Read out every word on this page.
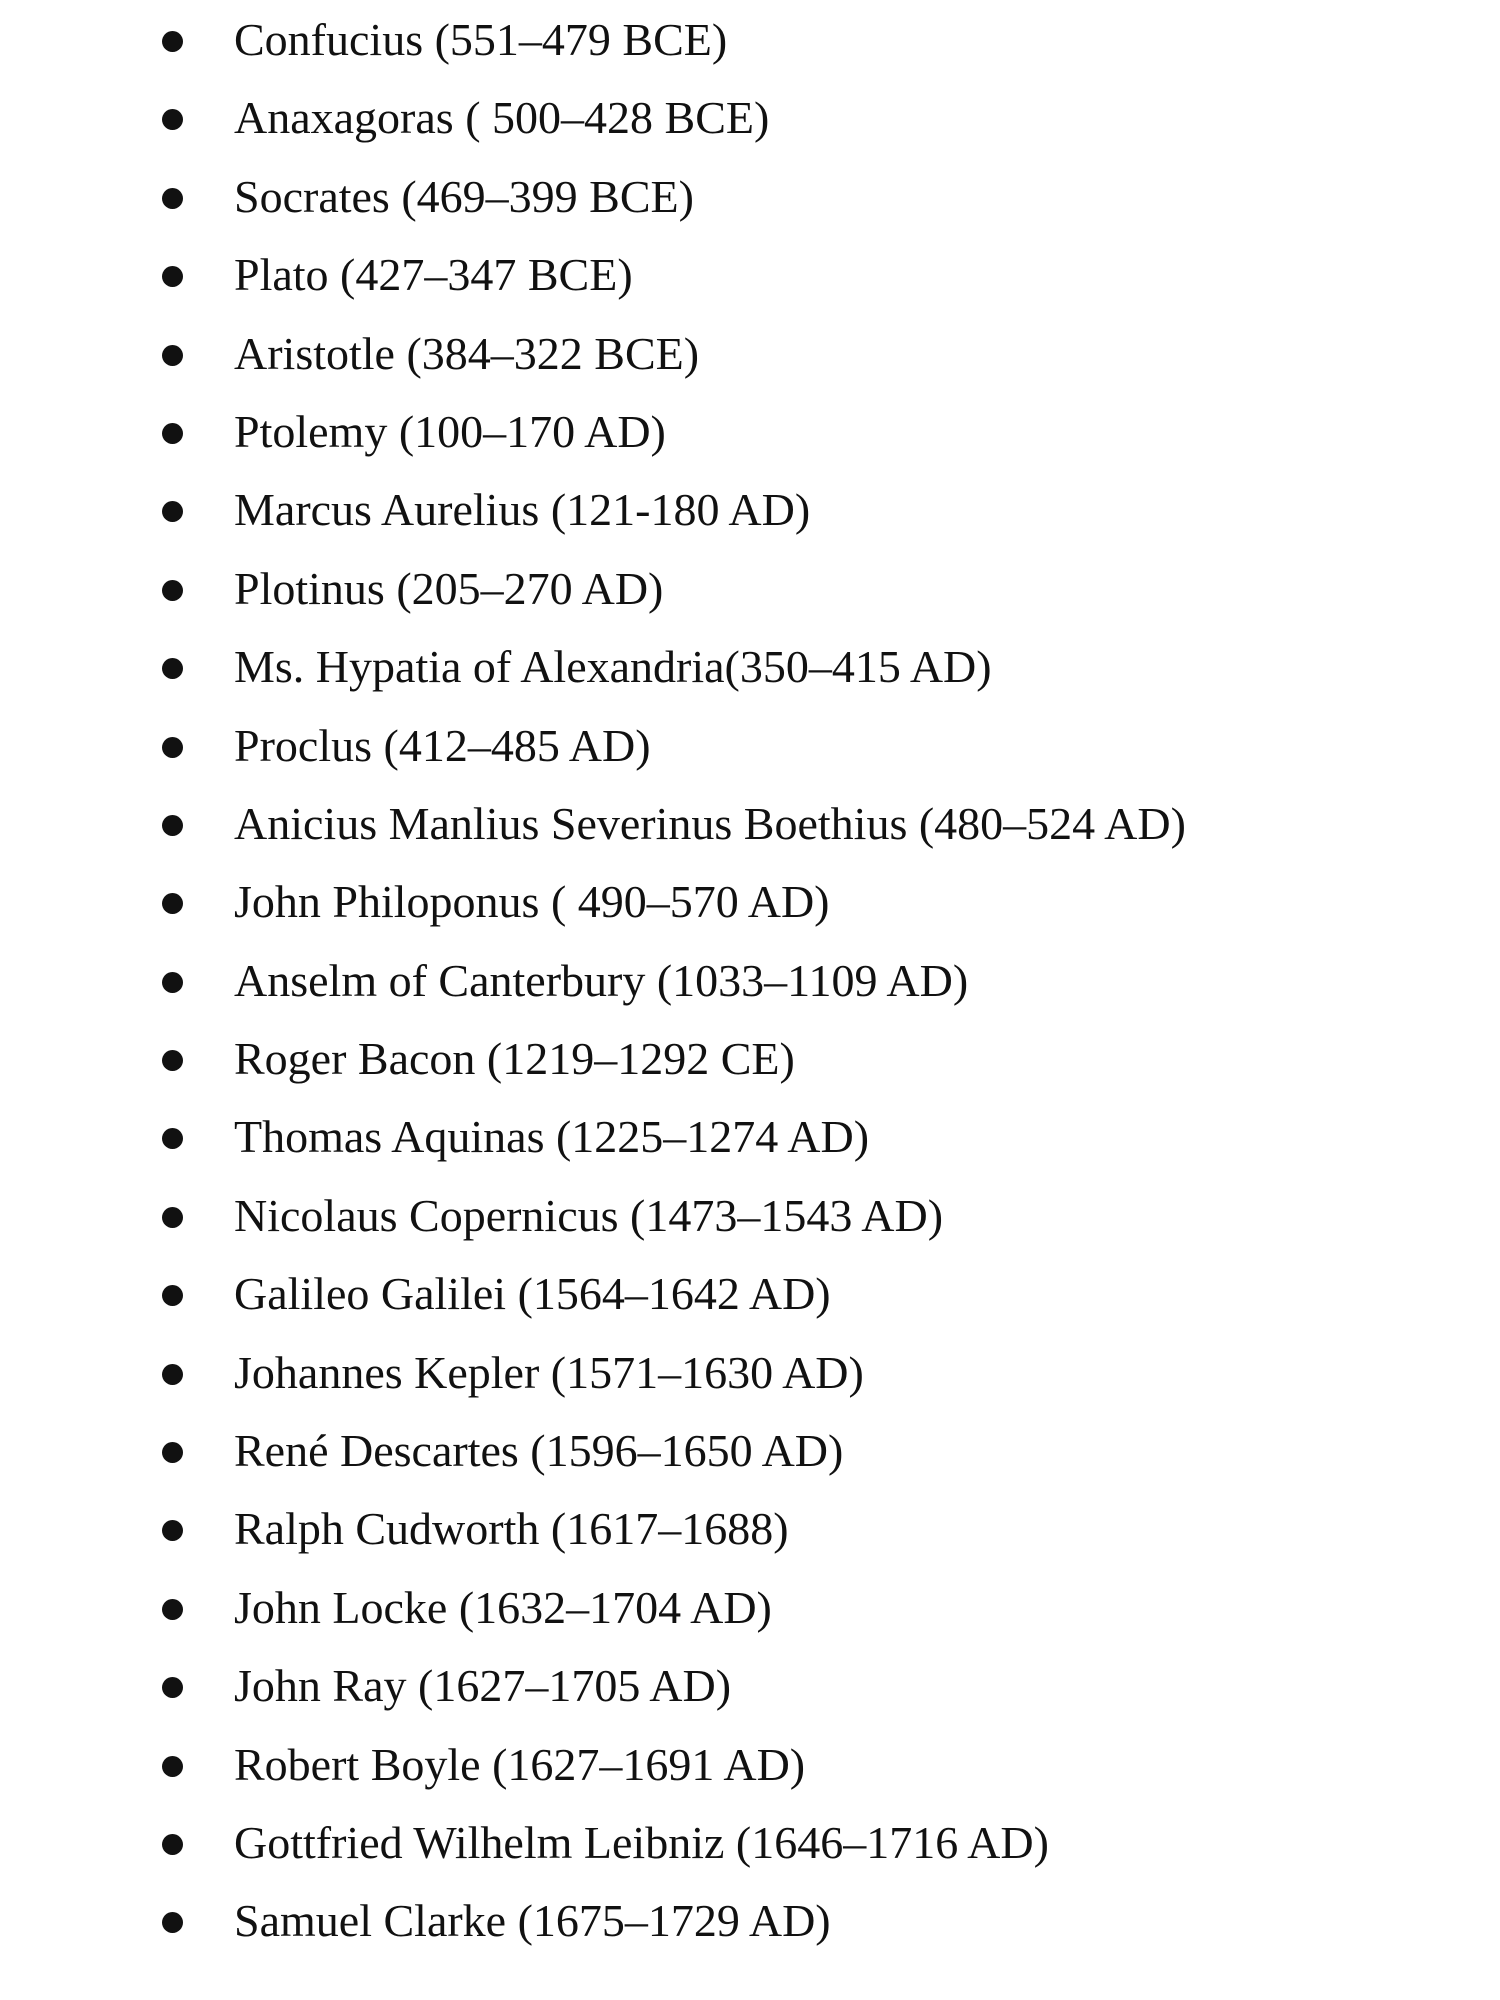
Confucius (551–479 BCE)
Anaxagoras ( 500–428 BCE)
Socrates (469–399 BCE)
Plato (427–347 BCE)
Aristotle (384–322 BCE)
Ptolemy (100–170 AD)
Marcus Aurelius (121-180 AD)
Plotinus (205–270 AD)
Ms. Hypatia of Alexandria(350–415 AD)
Proclus (412–485 AD)
Anicius Manlius Severinus Boethius (480–524 AD)
John Philoponus ( 490–570 AD)
Anselm of Canterbury (1033–1109 AD)
Roger Bacon (1219–1292 CE)
Thomas Aquinas (1225–1274 AD)
Nicolaus Copernicus (1473–1543 AD)
Galileo Galilei (1564–1642 AD)
Johannes Kepler (1571–1630 AD)
René Descartes (1596–1650 AD)
Ralph Cudworth (1617–1688)
John Locke (1632–1704 AD)
John Ray (1627–1705 AD)
Robert Boyle (1627–1691 AD)
Gottfried Wilhelm Leibniz (1646–1716 AD)
Samuel Clarke (1675–1729 AD)
